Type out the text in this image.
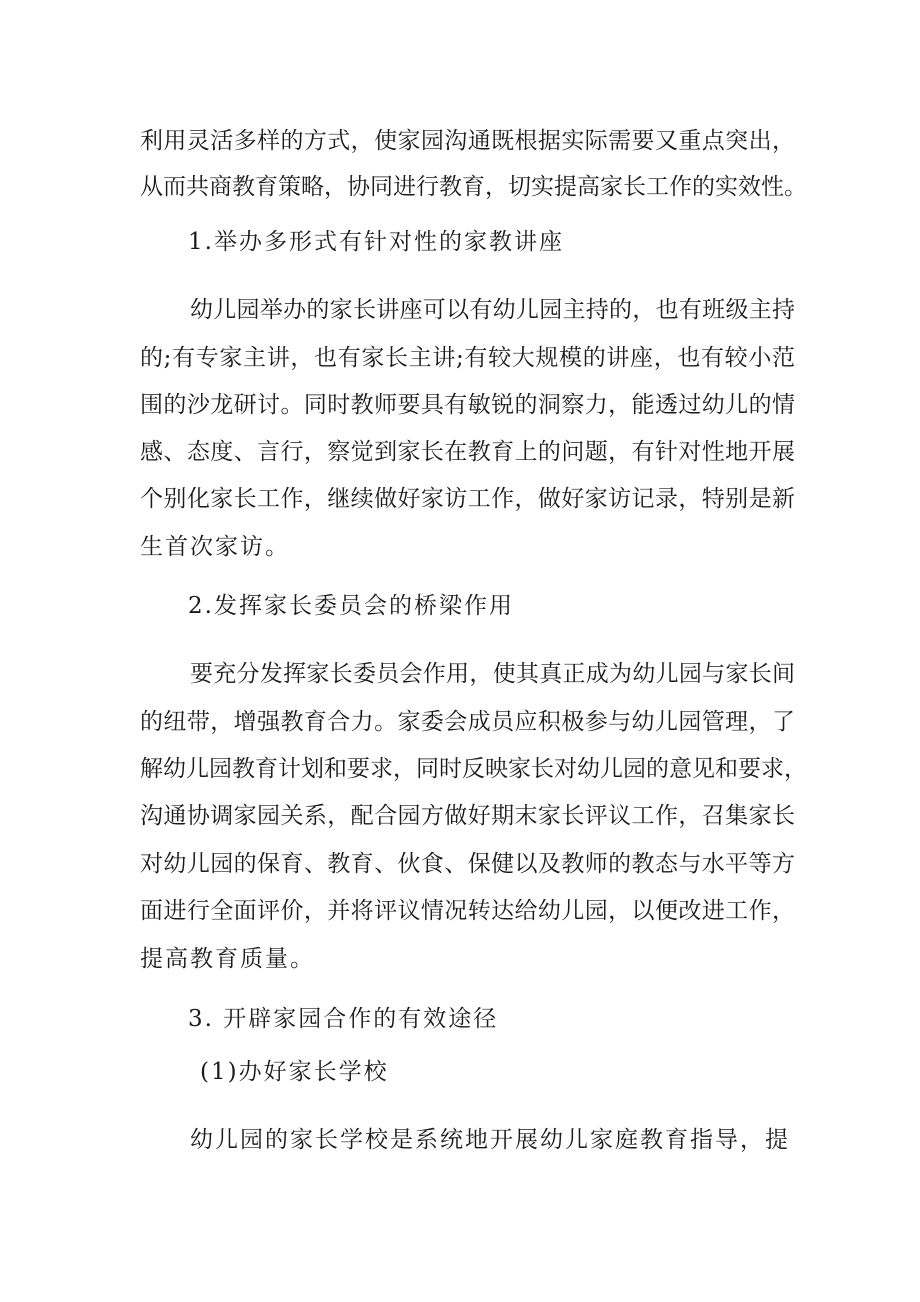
利用灵活多样的方式，使家园沟通既根据实际需要又重点突出，
从而共商教育策略，协同进行教育，切实提高家长工作的实效性。
1.举办多形式有针对性的家教讲座
幼儿园举办的家长讲座可以有幼儿园主持的，也有班级主持
的;有专家主讲，也有家长主讲;有较大规模的讲座，也有较小范
围的沙龙研讨。同时教师要具有敏锐的洞察力，能透过幼儿的情
感、态度、言行，察觉到家长在教育上的问题，有针对性地开展
个别化家长工作，继续做好家访工作，做好家访记录，特别是新
生首次家访。
2.发挥家长委员会的桥梁作用
要充分发挥家长委员会作用，使其真正成为幼儿园与家长间
的纽带，增强教育合力。家委会成员应积极参与幼儿园管理，了
解幼儿园教育计划和要求，同时反映家长对幼儿园的意见和要求，
沟通协调家园关系，配合园方做好期末家长评议工作，召集家长
对幼儿园的保育、教育、伙食、保健以及教师的教态与水平等方
面进行全面评价，并将评议情况转达给幼儿园，以便改进工作，
提高教育质量。
3. 开辟家园合作的有效途径
(1)办好家长学校
幼儿园的家长学校是系统地开展幼儿家庭教育指导，提
